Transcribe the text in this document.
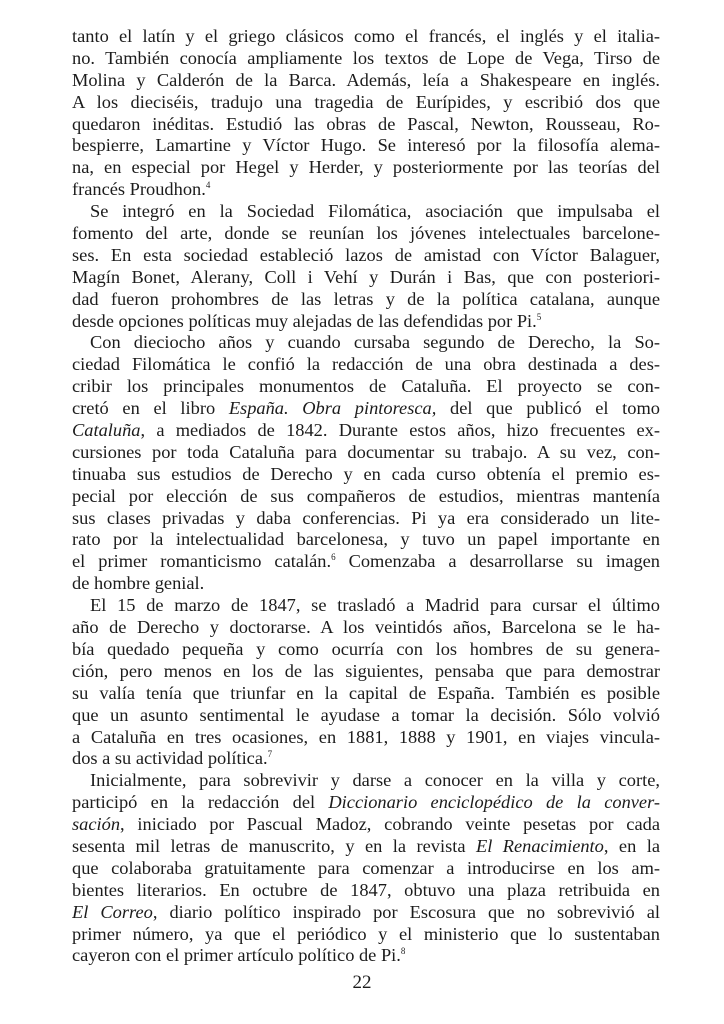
tanto el latín y el griego clásicos como el francés, el inglés y el italia-
no. También conocía ampliamente los textos de Lope de Vega, Tirso de
Molina y Calderón de la Barca. Además, leía a Shakespeare en inglés.
A los dieciséis, tradujo una tragedia de Eurípides, y escribió dos que
quedaron inéditas. Estudió las obras de Pascal, Newton, Rousseau, Ro-
bespierre, Lamartine y Víctor Hugo. Se interesó por la filosofía alema-
na, en especial por Hegel y Herder, y posteriormente por las teorías del
francés Proudhon.$^4$
Se integró en la Sociedad Filomática, asociación que impulsaba el
fomento del arte, donde se reunían los jóvenes intelectuales barcelone-
ses. En esta sociedad estableció lazos de amistad con Víctor Balaguer,
Magín Bonet, Alerany, Coll i Vehí y Durán i Bas, que con posteriori-
dad fueron prohombres de las letras y de la política catalana, aunque
desde opciones políticas muy alejadas de las defendidas por Pi.$^5$
Con dieciocho años y cuando cursaba segundo de Derecho, la So-
ciedad Filomática le confió la redacción de una obra destinada a des-
cribir los principales monumentos de Cataluña. El proyecto se con-
cretó en el libro España. Obra pintoresca, del que publicó el tomo
Cataluña, a mediados de 1842. Durante estos años, hizo frecuentes ex-
cursiones por toda Cataluña para documentar su trabajo. A su vez, con-
tinuaba sus estudios de Derecho y en cada curso obtenía el premio es-
pecial por elección de sus compañeros de estudios, mientras mantenía
sus clases privadas y daba conferencias. Pi ya era considerado un lite-
rato por la intelectualidad barcelonesa, y tuvo un papel importante en
el primer romanticismo catalán.$^6$ Comenzaba a desarrollarse su imagen
de hombre genial.
El 15 de marzo de 1847, se trasladó a Madrid para cursar el último
año de Derecho y doctorarse. A los veintidós años, Barcelona se le ha-
bía quedado pequeña y como ocurría con los hombres de su genera-
ción, pero menos en los de las siguientes, pensaba que para demostrar
su valía tenía que triunfar en la capital de España. También es posible
que un asunto sentimental le ayudase a tomar la decisión. Sólo volvió
a Cataluña en tres ocasiones, en 1881, 1888 y 1901, en viajes vincula-
dos a su actividad política.$^7$
Inicialmente, para sobrevivir y darse a conocer en la villa y corte,
participó en la redacción del Diccionario enciclopédico de la conver-
sación, iniciado por Pascual Madoz, cobrando veinte pesetas por cada
sesenta mil letras de manuscrito, y en la revista El Renacimiento, en la
que colaboraba gratuitamente para comenzar a introducirse en los am-
bientes literarios. En octubre de 1847, obtuvo una plaza retribuida en
El Correo, diario político inspirado por Escosura que no sobrevivió al
primer número, ya que el periódico y el ministerio que lo sustentaban
cayeron con el primer artículo político de Pi.$^8$
22
